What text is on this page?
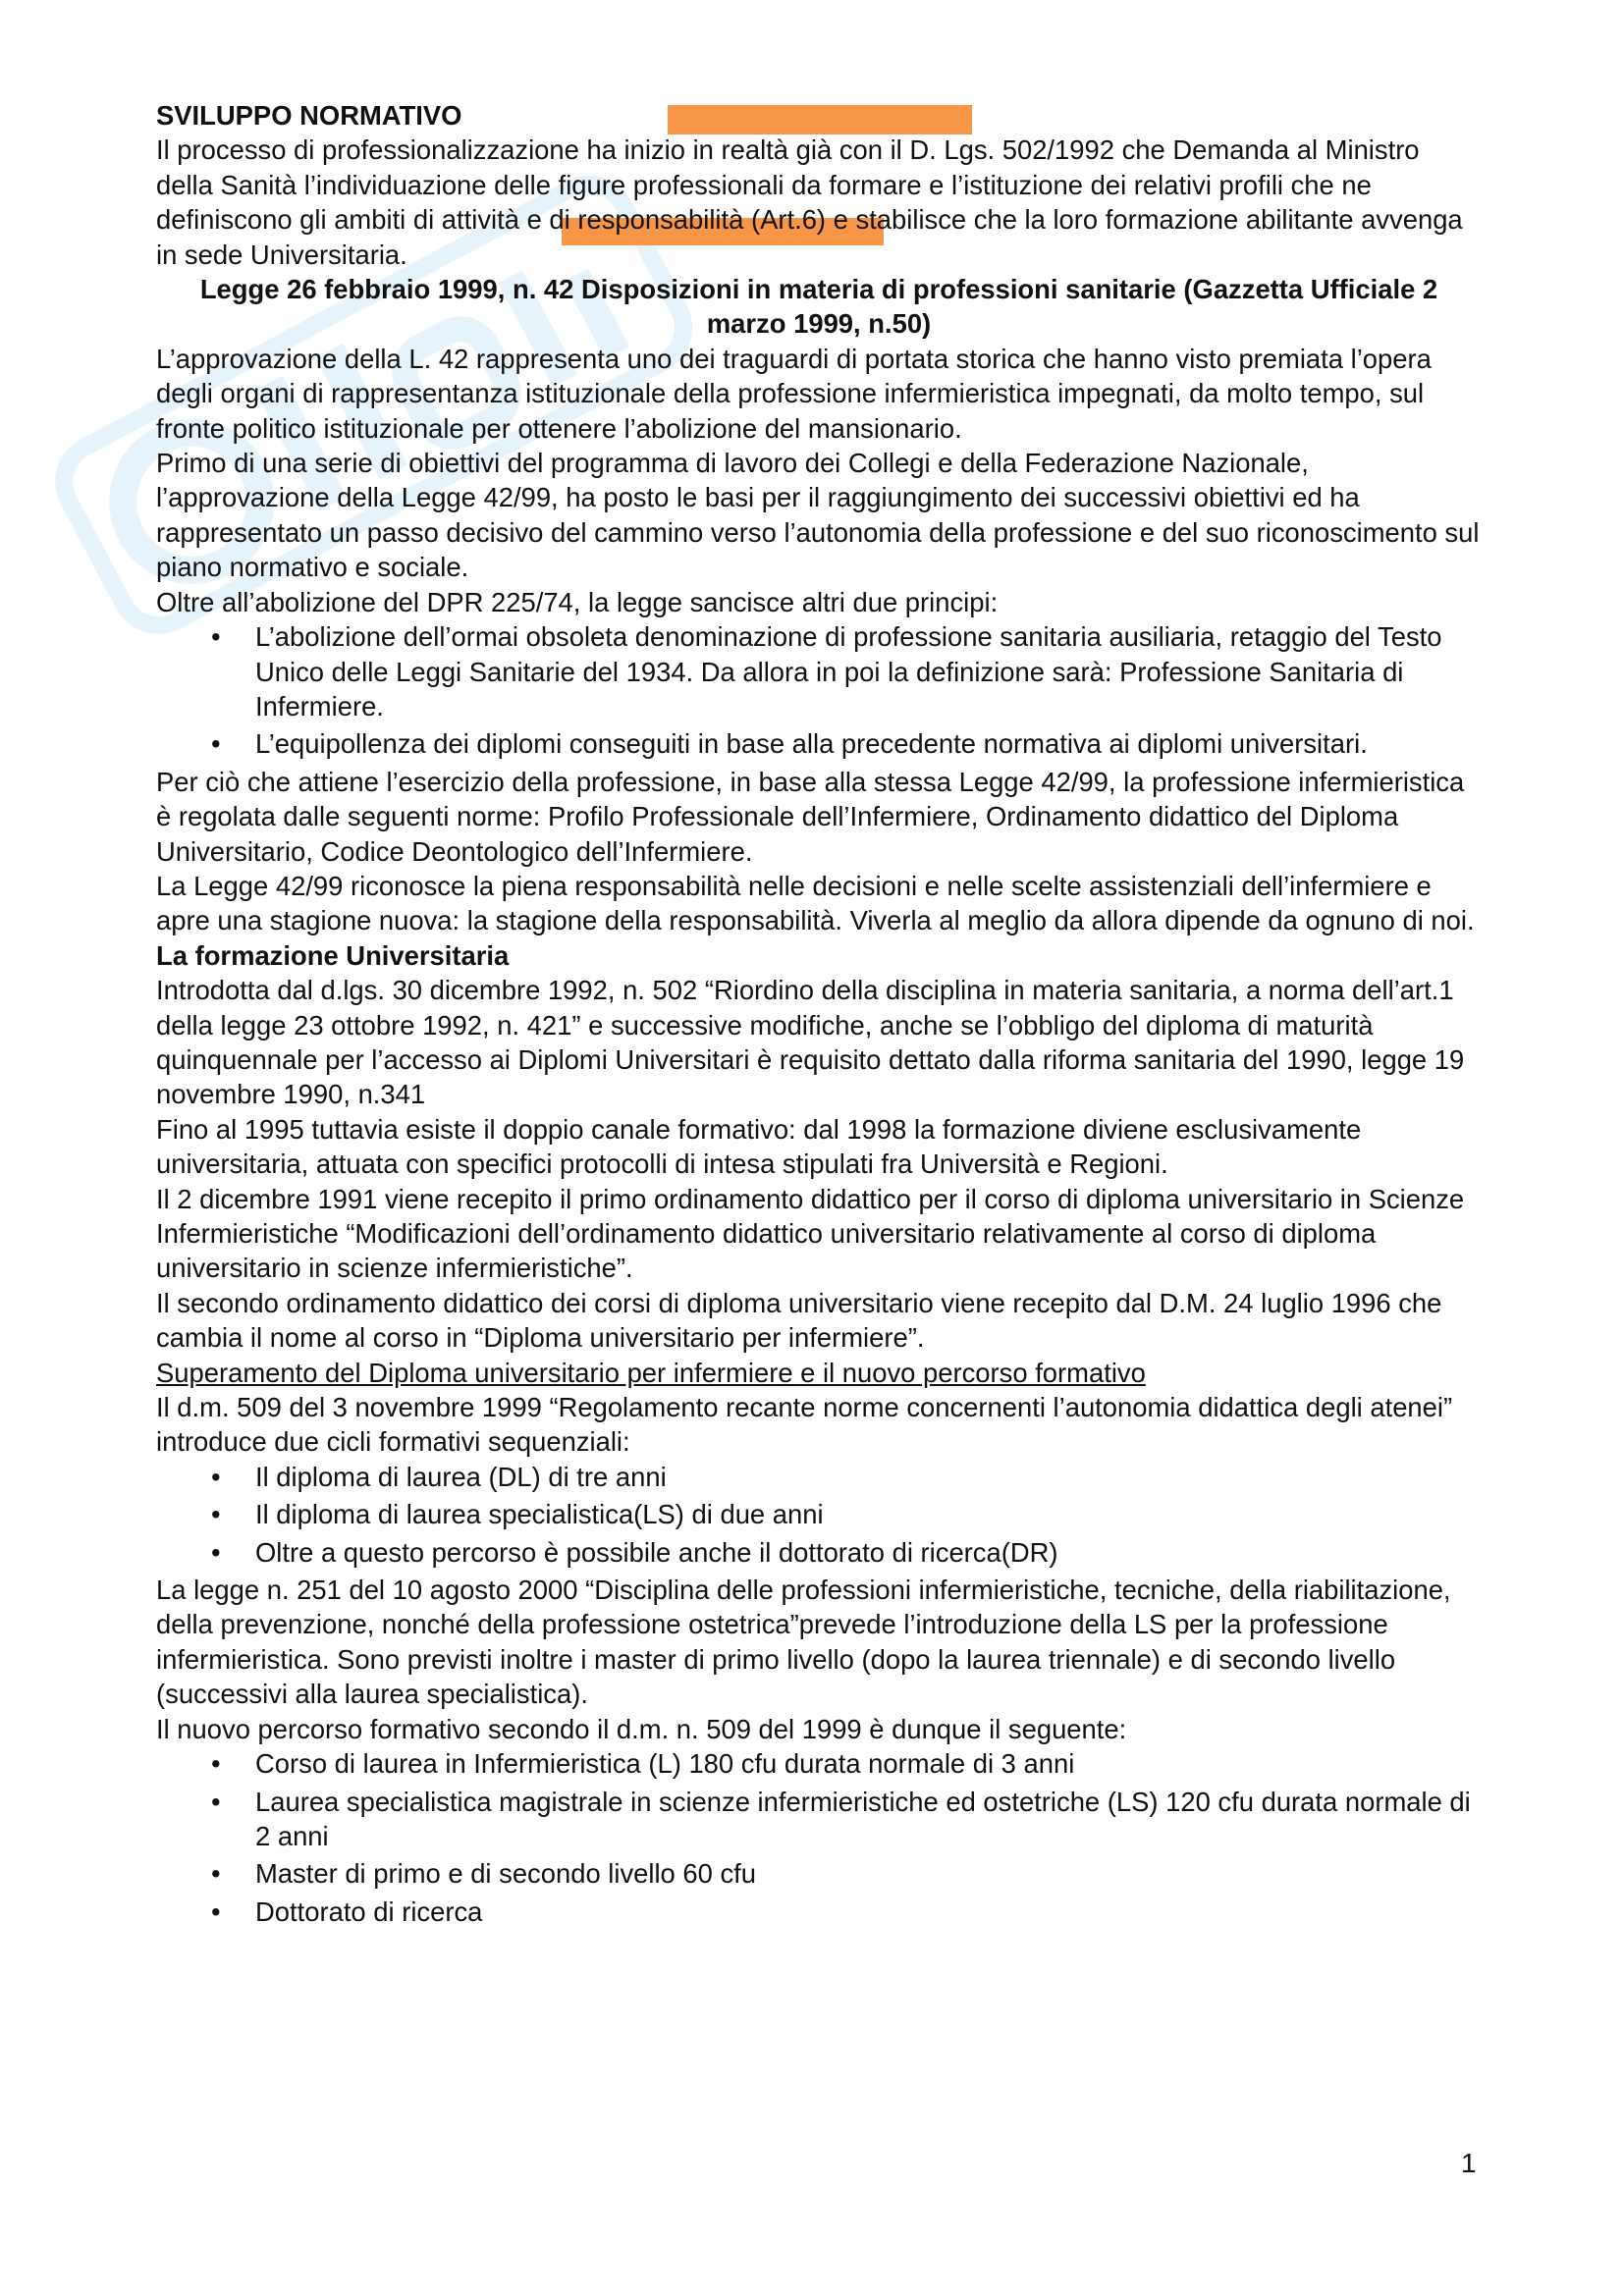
SVILUPPO NORMATIVO

Il processo di professionalizzazione ha inizio in realtà già con il D. Lgs. 502/1992 che Demanda al Ministro della Sanità l’individuazione delle figure professionali da formare e l’istituzione dei relativi profili che ne definiscono gli ambiti di attività e di responsabilità (Art.6) e stabilisce che la loro formazione abilitante avvenga in sede Universitaria.

Legge 26 febbraio 1999, n. 42 Disposizioni in materia di professioni sanitarie (Gazzetta Ufficiale 2 marzo 1999, n.50)

L’approvazione della L. 42 rappresenta uno dei traguardi di portata storica che hanno visto premiata l’opera degli organi di rappresentanza istituzionale della professione infermieristica impegnati, da molto tempo, sul fronte politico istituzionale per ottenere l’abolizione del mansionario.

Primo di una serie di obiettivi del programma di lavoro dei Collegi e della Federazione Nazionale, l’approvazione della Legge 42/99, ha posto le basi per il raggiungimento dei successivi obiettivi ed ha rappresentato un passo decisivo del cammino verso l’autonomia della professione e del suo riconoscimento sul piano normativo e sociale.

Oltre all’abolizione del DPR 225/74, la legge sancisce altri due principi:

• L’abolizione dell’ormai obsoleta denominazione di professione sanitaria ausiliaria, retaggio del Testo Unico delle Leggi Sanitarie del 1934. Da allora in poi la definizione sarà: Professione Sanitaria di Infermiere.
• L’equipollenza dei diplomi conseguiti in base alla precedente normativa ai diplomi universitari.

Per ciò che attiene l’esercizio della professione, in base alla stessa Legge 42/99, la professione infermieristica è regolata dalle seguenti norme: Profilo Professionale dell’Infermiere, Ordinamento didattico del Diploma Universitario, Codice Deontologico dell’Infermiere.

La Legge 42/99 riconosce la piena responsabilità nelle decisioni e nelle scelte assistenziali dell’infermiere e apre una stagione nuova: la stagione della responsabilità. Viverla al meglio da allora dipende da ognuno di noi.

La formazione Universitaria

Introdotta dal d.lgs. 30 dicembre 1992, n. 502 “Riordino della disciplina in materia sanitaria, a norma dell’art.1 della legge 23 ottobre 1992, n. 421” e successive modifiche, anche se l’obbligo del diploma di maturità quinquennale per l’accesso ai Diplomi Universitari è requisito dettato dalla riforma sanitaria del 1990, legge 19 novembre 1990, n.341

Fino al 1995 tuttavia esiste il doppio canale formativo: dal 1998 la formazione diviene esclusivamente universitaria, attuata con specifici protocolli di intesa stipulati fra Università e Regioni.

Il 2 dicembre 1991 viene recepito il primo ordinamento didattico per il corso di diploma universitario in Scienze Infermieristiche “Modificazioni dell’ordinamento didattico universitario relativamente al corso di diploma universitario in scienze infermieristiche”.

Il secondo ordinamento didattico dei corsi di diploma universitario viene recepito dal D.M. 24 luglio 1996 che cambia il nome al corso in “Diploma universitario per infermiere”.

Superamento del Diploma universitario per infermiere e il nuovo percorso formativo

Il d.m. 509 del 3 novembre 1999 “Regolamento recante norme concernenti l’autonomia didattica degli atenei” introduce due cicli formativi sequenziali:

• Il diploma di laurea (DL) di tre anni
• Il diploma di laurea specialistica(LS) di due anni
• Oltre a questo percorso è possibile anche il dottorato di ricerca(DR)

La legge n. 251 del 10 agosto 2000 “Disciplina delle professioni infermieristiche, tecniche, della riabilitazione, della prevenzione, nonché della professione ostetrica”prevede l’introduzione della LS per la professione infermieristica. Sono previsti inoltre i master di primo livello (dopo la laurea triennale) e di secondo livello (successivi alla laurea specialistica).

Il nuovo percorso formativo secondo il d.m. n. 509 del 1999 è dunque il seguente:

• Corso di laurea in Infermieristica (L) 180 cfu durata normale di 3 anni
• Laurea specialistica magistrale in scienze infermieristiche ed ostetriche (LS) 120 cfu durata normale di 2 anni
• Master di primo e di secondo livello 60 cfu
• Dottorato di ricerca
1
